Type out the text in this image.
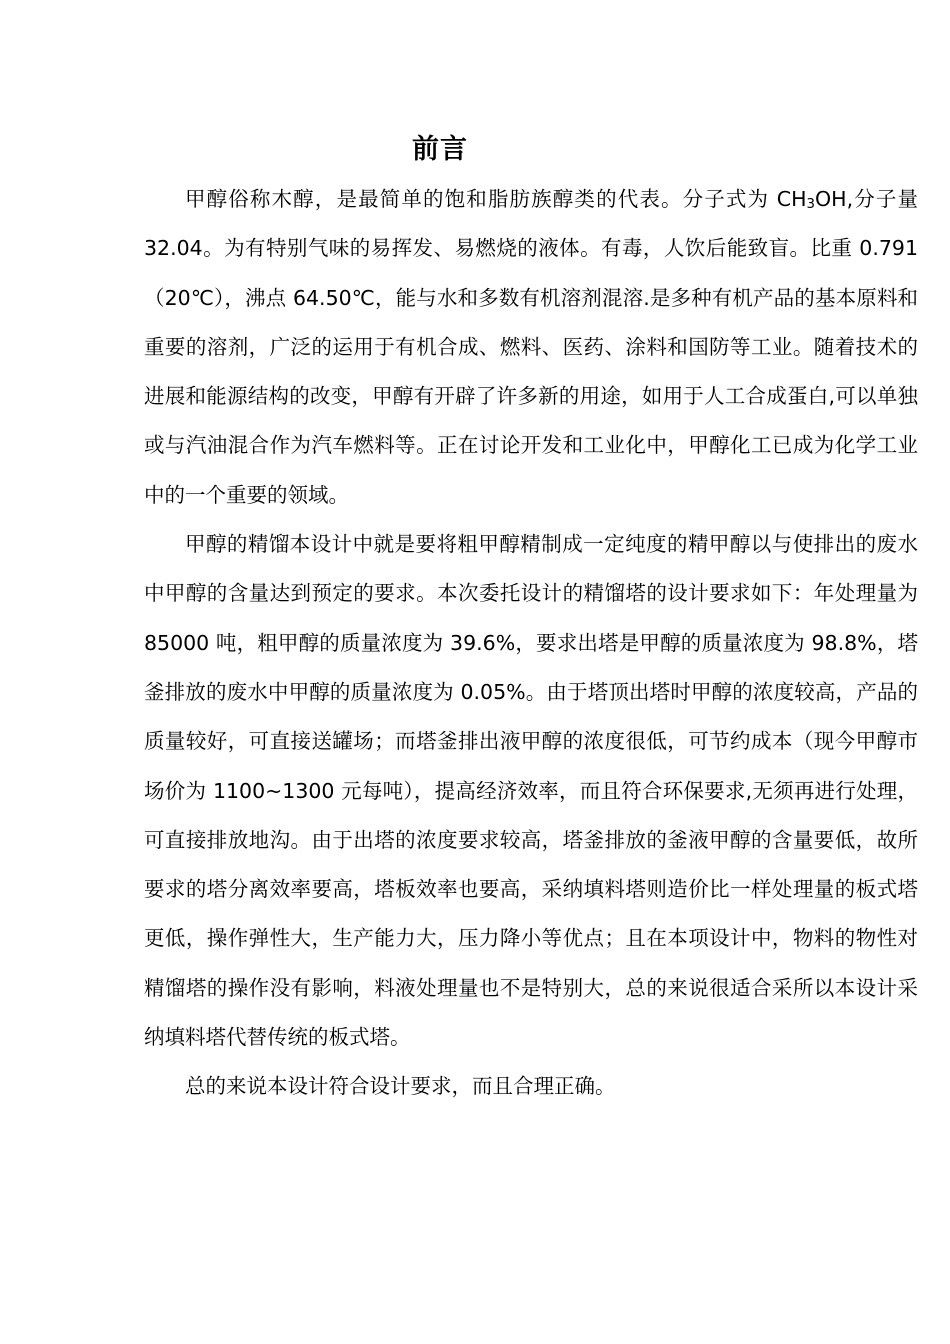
前言

甲醇俗称木醇，是最简单的饱和脂肪族醇类的代表。分子式为 $CH_3OH$,分子量 32.04。为有特别气味的易挥发、易燃烧的液体。有毒，人饮后能致盲。比重 0.791（20℃），沸点 64.50℃，能与水和多数有机溶剂混溶.是多种有机产品的基本原料和重要的溶剂，广泛的运用于有机合成、燃料、医药、涂料和国防等工业。随着技术的进展和能源结构的改变，甲醇有开辟了许多新的用途，如用于人工合成蛋白,可以单独或与汽油混合作为汽车燃料等。正在讨论开发和工业化中，甲醇化工已成为化学工业中的一个重要的领域。

甲醇的精馏本设计中就是要将粗甲醇精制成一定纯度的精甲醇以与使排出的废水中甲醇的含量达到预定的要求。本次委托设计的精馏塔的设计要求如下：年处理量为 85000 吨，粗甲醇的质量浓度为 39.6%，要求出塔是甲醇的质量浓度为 98.8%，塔釜排放的废水中甲醇的质量浓度为 0.05%。由于塔顶出塔时甲醇的浓度较高，产品的质量较好，可直接送罐场；而塔釜排出液甲醇的浓度很低，可节约成本（现今甲醇市场价为 1100~1300 元每吨），提高经济效率，而且符合环保要求,无须再进行处理，可直接排放地沟。由于出塔的浓度要求较高，塔釜排放的釜液甲醇的含量要低，故所要求的塔分离效率要高，塔板效率也要高，采纳填料塔则造价比一样处理量的板式塔更低，操作弹性大，生产能力大，压力降小等优点；且在本项设计中，物料的物性对精馏塔的操作没有影响，料液处理量也不是特别大，总的来说很适合采所以本设计采纳填料塔代替传统的板式塔。

总的来说本设计符合设计要求，而且合理正确。
